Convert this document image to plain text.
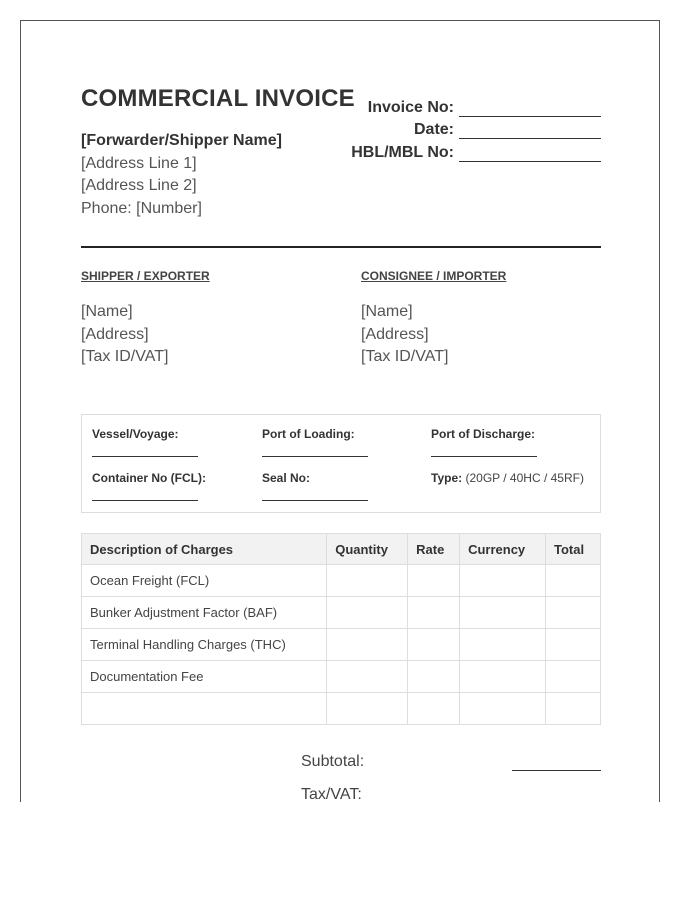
COMMERCIAL INVOICE
[Forwarder/Shipper Name]
[Address Line 1]
[Address Line 2]
Phone: [Number]
Invoice No:
Date:
HBL/MBL No:
SHIPPER / EXPORTER	CONSIGNEE / IMPORTER
[Name]
[Address]
[Tax ID/VAT]
[Name]
[Address]
[Tax ID/VAT]
Vessel/Voyage:	Port of Loading:	Port of Discharge:
Container No (FCL):	Seal No:	Type: (20GP / 40HC / 45RF)
Description of Charges	Quantity	Rate	Currency	Total
Ocean Freight (FCL)				
Bunker Adjustment Factor (BAF)				
Terminal Handling Charges (THC)				
Documentation Fee				

Subtotal:
Tax/VAT:
